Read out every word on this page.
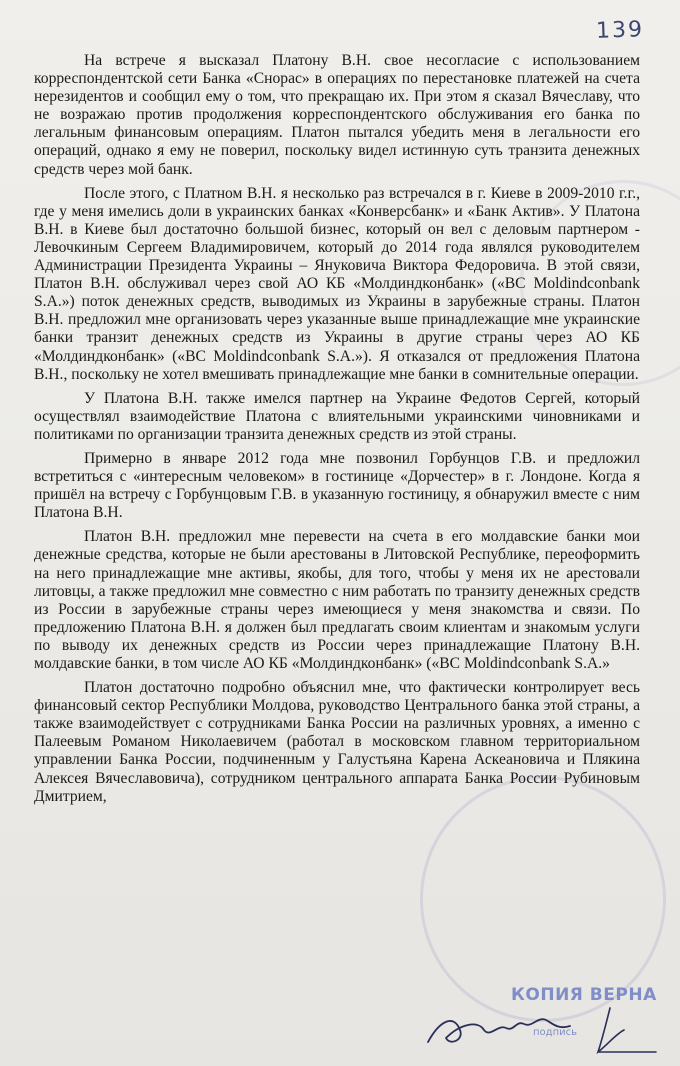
139

На встрече я высказал Платону В.Н. свое несогласие с использованием корреспондентской сети Банка «Снорас» в операциях по перестановке платежей на счета нерезидентов и сообщил ему о том, что прекращаю их. При этом я сказал Вячеславу, что не возражаю против продолжения корреспондентского обслуживания его банка по легальным финансовым операциям. Платон пытался убедить меня в легальности его операций, однако я ему не поверил, поскольку видел истинную суть транзита денежных средств через мой банк.

После этого, с Платном В.Н. я несколько раз встречался в г. Киеве в 2009-2010 г.г., где у меня имелись доли в украинских банках «Конверсбанк» и «Банк Актив». У Платона В.Н. в Киеве был достаточно большой бизнес, который он вел с деловым партнером - Левочкиным Сергеем Владимировичем, который до 2014 года являлся руководителем Администрации Президента Украины – Януковича Виктора Федоровича. В этой связи, Платон В.Н. обслуживал через свой АО КБ «Молдиндконбанк» («BC Moldindconbank S.A.») поток денежных средств, выводимых из Украины в зарубежные страны. Платон В.Н. предложил мне организовать через указанные выше принадлежащие мне украинские банки транзит денежных средств из Украины в другие страны через АО КБ «Молдиндконбанк» («BC Moldindconbank S.A.»). Я отказался от предложения Платона В.Н., поскольку не хотел вмешивать принадлежащие мне банки в сомнительные операции.

У Платона В.Н. также имелся партнер на Украине Федотов Сергей, который осуществлял взаимодействие Платона с влиятельными украинскими чиновниками и политиками по организации транзита денежных средств из этой страны.

Примерно в январе 2012 года мне позвонил Горбунцов Г.В. и предложил встретиться с «интересным человеком» в гостинице «Дорчестер» в г. Лондоне. Когда я пришёл на встречу с Горбунцовым Г.В. в указанную гостиницу, я обнаружил вместе с ним Платона В.Н.

Платон В.Н. предложил мне перевести на счета в его молдавские банки мои денежные средства, которые не были арестованы в Литовской Республике, переоформить на него принадлежащие мне активы, якобы, для того, чтобы у меня их не арестовали литовцы, а также предложил мне совместно с ним работать по транзиту денежных средств из России в зарубежные страны через имеющиеся у меня знакомства и связи. По предложению Платона В.Н. я должен был предлагать своим клиентам и знакомым услуги по выводу их денежных средств из России через принадлежащие Платону В.Н. молдавские банки, в том числе АО КБ «Молдиндконбанк» («BC Moldindconbank S.A.»

Платон достаточно подробно объяснил мне, что фактически контролирует весь финансовый сектор Республики Молдова, руководство Центрального банка этой страны, а также взаимодействует с сотрудниками Банка России на различных уровнях, а именно с Палеевым Романом Николаевичем (работал в московском главном территориальном управлении Банка России, подчиненным у Галустьяна Карена Аскеановича и Плякина Алексея Вячеславовича), сотрудником центрального аппарата Банка России Рубиновым Дмитрием,

КОПИЯ ВЕРНА
подпись
